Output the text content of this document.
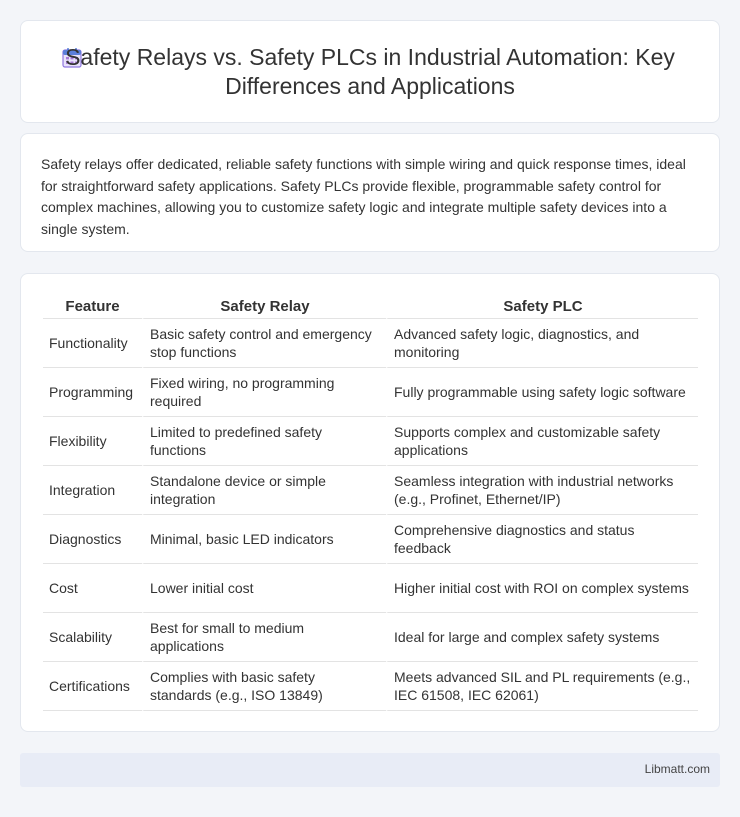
Safety Relays vs. Safety PLCs in Industrial Automation: Key Differences and Applications

Safety relays offer dedicated, reliable safety functions with simple wiring and quick response times, ideal for straightforward safety applications. Safety PLCs provide flexible, programmable safety control for complex machines, allowing you to customize safety logic and integrate multiple safety devices into a single system.

Feature	Safety Relay	Safety PLC
Functionality	Basic safety control and emergency stop functions	Advanced safety logic, diagnostics, and monitoring
Programming	Fixed wiring, no programming required	Fully programmable using safety logic software
Flexibility	Limited to predefined safety functions	Supports complex and customizable safety applications
Integration	Standalone device or simple integration	Seamless integration with industrial networks (e.g., Profinet, Ethernet/IP)
Diagnostics	Minimal, basic LED indicators	Comprehensive diagnostics and status feedback
Cost	Lower initial cost	Higher initial cost with ROI on complex systems
Scalability	Best for small to medium applications	Ideal for large and complex safety systems
Certifications	Complies with basic safety standards (e.g., ISO 13849)	Meets advanced SIL and PL requirements (e.g., IEC 61508, IEC 62061)
Libmatt.com
